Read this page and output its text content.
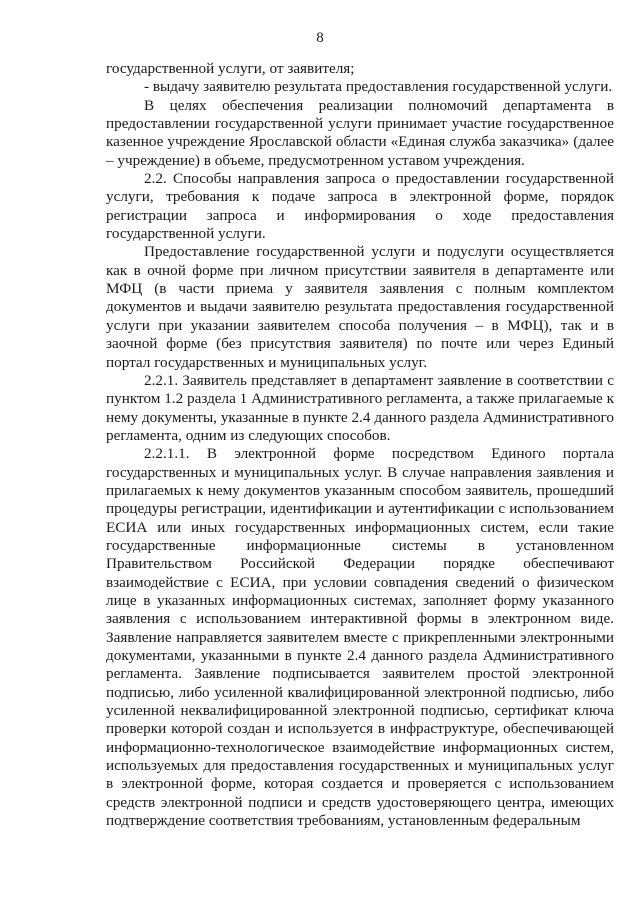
8

государственной услуги, от заявителя;

- выдачу заявителю результата предоставления государственной услуги.

В целях обеспечения реализации полномочий департамента в предоставлении государственной услуги принимает участие государственное казенное учреждение Ярославской области «Единая служба заказчика» (далее – учреждение) в объеме, предусмотренном уставом учреждения.

2.2. Способы направления запроса о предоставлении государственной услуги, требования к подаче запроса в электронной форме, порядок регистрации запроса и информирования о ходе предоставления государственной услуги.

Предоставление государственной услуги и подуслуги осуществляется как в очной форме при личном присутствии заявителя в департаменте или МФЦ (в части приема у заявителя заявления с полным комплектом документов и выдачи заявителю результата предоставления государственной услуги при указании заявителем способа получения – в МФЦ), так и в заочной форме (без присутствия заявителя) по почте или через Единый портал государственных и муниципальных услуг.

2.2.1. Заявитель представляет в департамент заявление в соответствии с пунктом 1.2 раздела 1 Административного регламента, а также прилагаемые к нему документы, указанные в пункте 2.4 данного раздела Административного регламента, одним из следующих способов.

2.2.1.1. В электронной форме посредством Единого портала государственных и муниципальных услуг. В случае направления заявления и прилагаемых к нему документов указанным способом заявитель, прошедший процедуры регистрации, идентификации и аутентификации с использованием ЕСИА или иных государственных информационных систем, если такие государственные информационные системы в установленном Правительством Российской Федерации порядке обеспечивают взаимодействие с ЕСИА, при условии совпадения сведений о физическом лице в указанных информационных системах, заполняет форму указанного заявления с использованием интерактивной формы в электронном виде. Заявление направляется заявителем вместе с прикрепленными электронными документами, указанными в пункте 2.4 данного раздела Административного регламента. Заявление подписывается заявителем простой электронной подписью, либо усиленной квалифицированной электронной подписью, либо усиленной неквалифицированной электронной подписью, сертификат ключа проверки которой создан и используется в инфраструктуре, обеспечивающей информационно-технологическое взаимодействие информационных систем, используемых для предоставления государственных и муниципальных услуг в электронной форме, которая создается и проверяется с использованием средств электронной подписи и средств удостоверяющего центра, имеющих подтверждение соответствия требованиям, установленным федеральным
